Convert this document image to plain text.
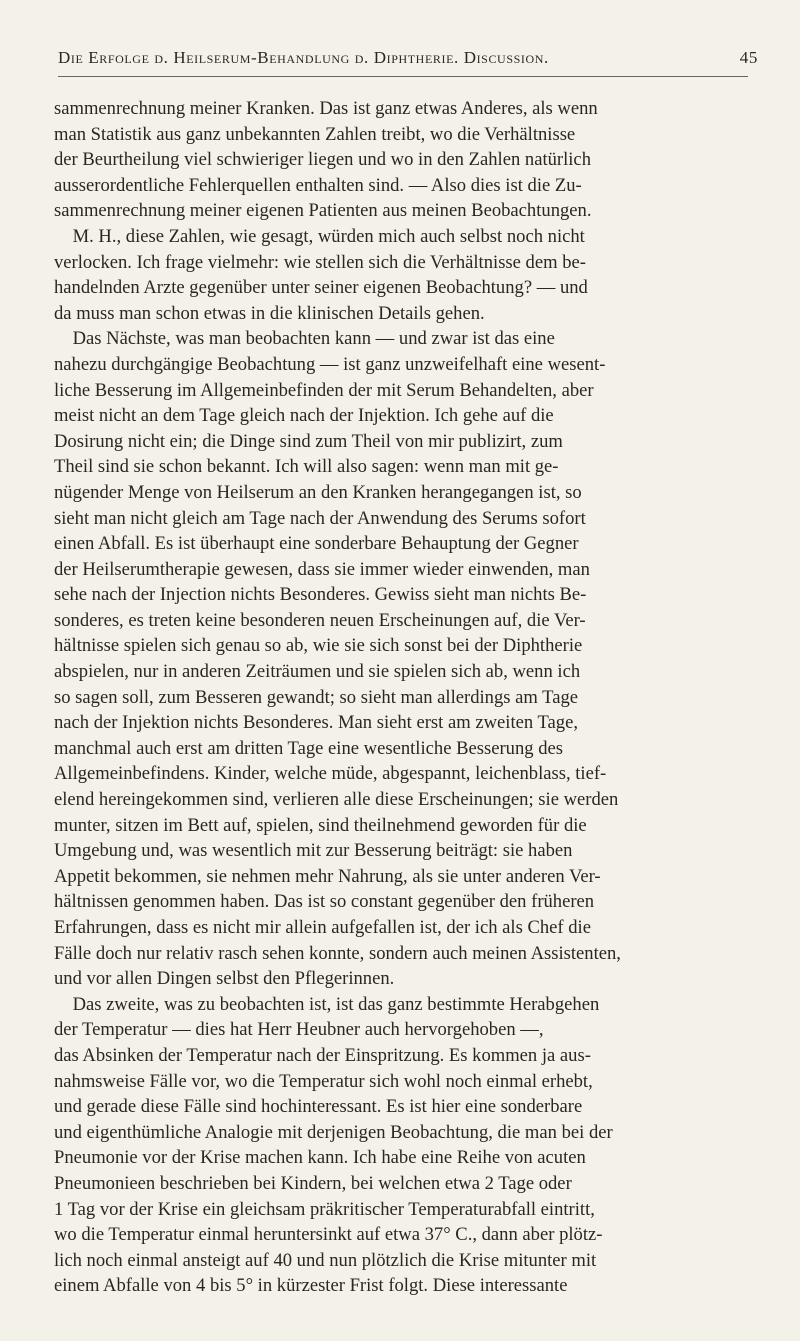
Die Erfolge d. Heilserum-Behandlung d. Diphtherie. Discussion.	45
sammenrechnung meiner Kranken. Das ist ganz etwas Anderes, als wenn
man Statistik aus ganz unbekannten Zahlen treibt, wo die Verhältnisse
der Beurtheilung viel schwieriger liegen und wo in den Zahlen natürlich
ausserordentliche Fehlerquellen enthalten sind. — Also dies ist die Zu-
sammenrechnung meiner eigenen Patienten aus meinen Beobachtungen.
M. H., diese Zahlen, wie gesagt, würden mich auch selbst noch nicht
verlocken. Ich frage vielmehr: wie stellen sich die Verhältnisse dem be-
handelnden Arzte gegenüber unter seiner eigenen Beobachtung? — und
da muss man schon etwas in die klinischen Details gehen.
Das Nächste, was man beobachten kann — und zwar ist das eine
nahezu durchgängige Beobachtung — ist ganz unzweifelhaft eine wesent-
liche Besserung im Allgemeinbefinden der mit Serum Behandelten, aber
meist nicht an dem Tage gleich nach der Injektion. Ich gehe auf die
Dosirung nicht ein; die Dinge sind zum Theil von mir publizirt, zum
Theil sind sie schon bekannt. Ich will also sagen: wenn man mit ge-
nügender Menge von Heilserum an den Kranken herangegangen ist, so
sieht man nicht gleich am Tage nach der Anwendung des Serums sofort
einen Abfall. Es ist überhaupt eine sonderbare Behauptung der Gegner
der Heilserumtherapie gewesen, dass sie immer wieder einwenden, man
sehe nach der Injection nichts Besonderes. Gewiss sieht man nichts Be-
sonderes, es treten keine besonderen neuen Erscheinungen auf, die Ver-
hältnisse spielen sich genau so ab, wie sie sich sonst bei der Diphtherie
abspielen, nur in anderen Zeiträumen und sie spielen sich ab, wenn ich
so sagen soll, zum Besseren gewandt; so sieht man allerdings am Tage
nach der Injektion nichts Besonderes. Man sieht erst am zweiten Tage,
manchmal auch erst am dritten Tage eine wesentliche Besserung des
Allgemeinbefindens. Kinder, welche müde, abgespannt, leichenblass, tief-
elend hereingekommen sind, verlieren alle diese Erscheinungen; sie werden
munter, sitzen im Bett auf, spielen, sind theilnehmend geworden für die
Umgebung und, was wesentlich mit zur Besserung beiträgt: sie haben
Appetit bekommen, sie nehmen mehr Nahrung, als sie unter anderen Ver-
hältnissen genommen haben. Das ist so constant gegenüber den früheren
Erfahrungen, dass es nicht mir allein aufgefallen ist, der ich als Chef die
Fälle doch nur relativ rasch sehen konnte, sondern auch meinen Assistenten,
und vor allen Dingen selbst den Pflegerinnen.
Das zweite, was zu beobachten ist, ist das ganz bestimmte Herabgehen
der Temperatur — dies hat Herr Heubner auch hervorgehoben —,
das Absinken der Temperatur nach der Einspritzung. Es kommen ja aus-
nahmsweise Fälle vor, wo die Temperatur sich wohl noch einmal erhebt,
und gerade diese Fälle sind hochinteressant. Es ist hier eine sonderbare
und eigenthümliche Analogie mit derjenigen Beobachtung, die man bei der
Pneumonie vor der Krise machen kann. Ich habe eine Reihe von acuten
Pneumonieen beschrieben bei Kindern, bei welchen etwa 2 Tage oder
1 Tag vor der Krise ein gleichsam präkritischer Temperaturabfall eintritt,
wo die Temperatur einmal heruntersinkt auf etwa 37° C., dann aber plötz-
lich noch einmal ansteigt auf 40 und nun plötzlich die Krise mitunter mit
einem Abfalle von 4 bis 5° in kürzester Frist folgt. Diese interessante
